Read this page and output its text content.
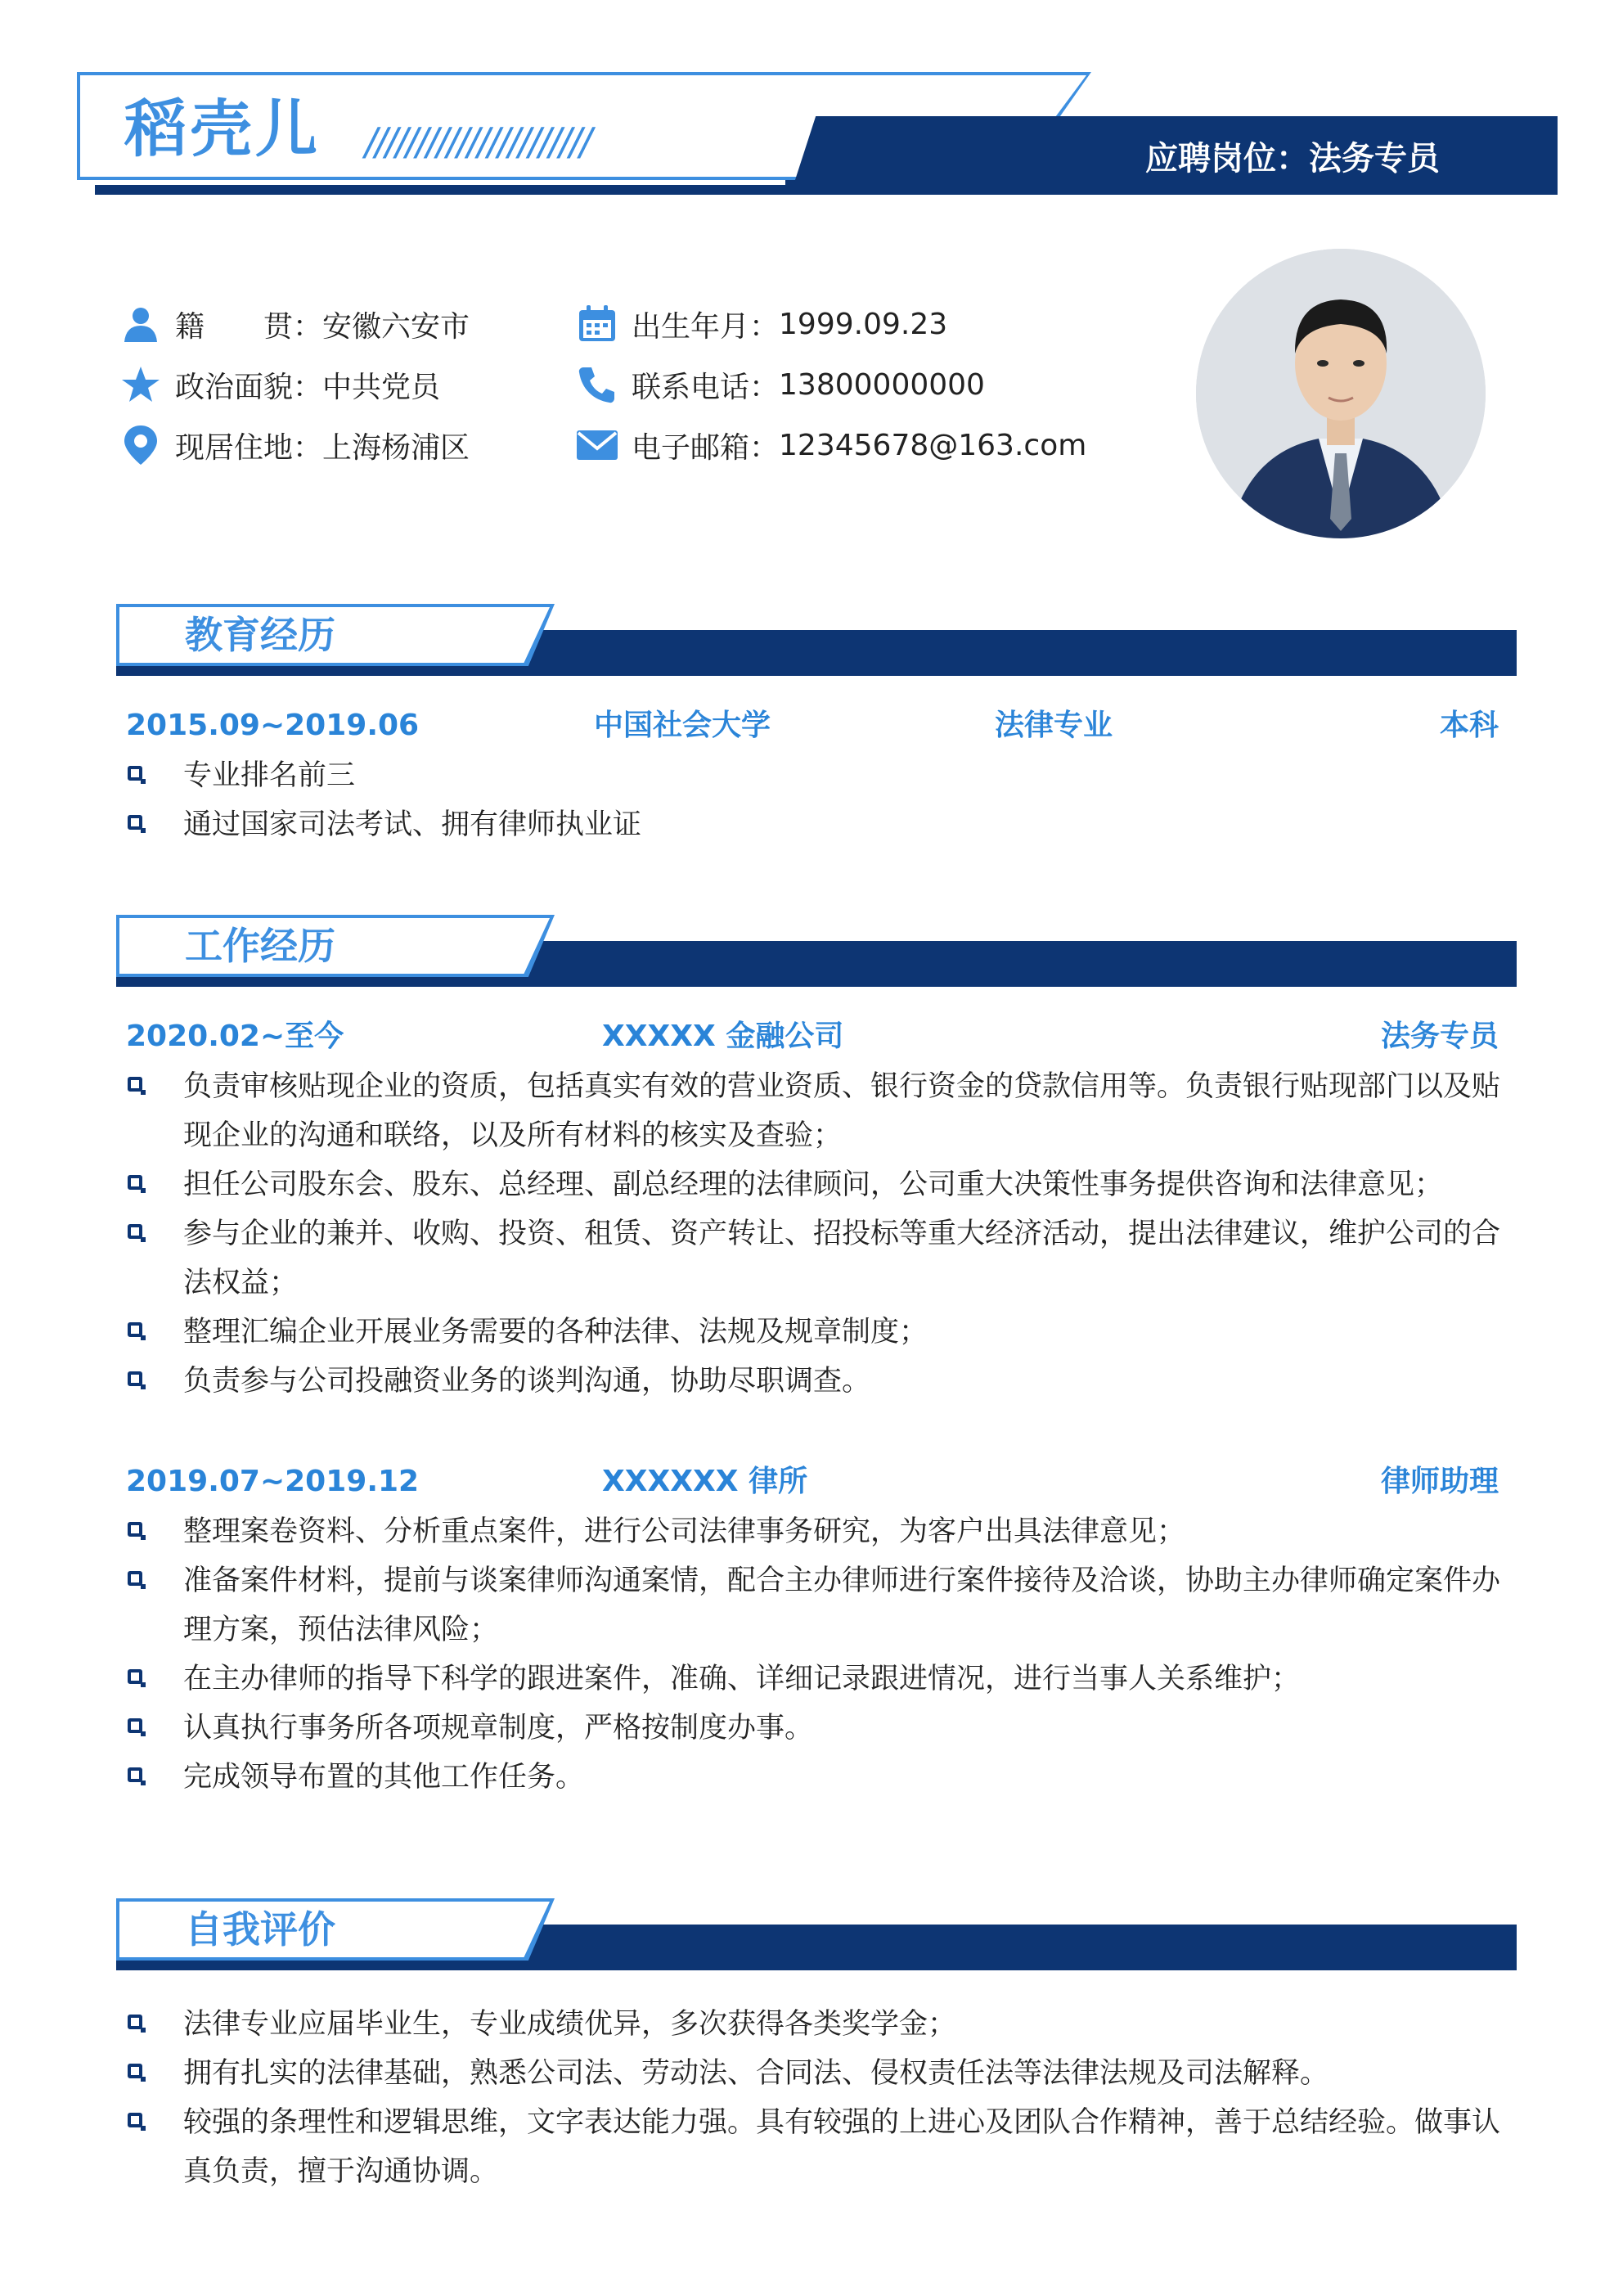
稻壳儿 //////////////////////	应聘岗位：法务专员
籍　　贯： 安徽六安市
政治面貌： 中共党员
现居住地： 上海杨浦区
出生年月： 1999.09.23
联系电话： 13800000000
电子邮箱： 12345678@163.com
教育经历
2015.09~2019.06	中国社会大学	法律专业	本科
专业排名前三
通过国家司法考试、拥有律师执业证
工作经历
2020.02~至今	XXXXX 金融公司	法务专员
负责审核贴现企业的资质，包括真实有效的营业资质、银行资金的贷款信用等。负责银行贴现部门以及贴
现企业的沟通和联络，以及所有材料的核实及查验；
担任公司股东会、股东、总经理、副总经理的法律顾问，公司重大决策性事务提供咨询和法律意见；
参与企业的兼并、收购、投资、租赁、资产转让、招投标等重大经济活动，提出法律建议，维护公司的合
法权益；
整理汇编企业开展业务需要的各种法律、法规及规章制度；
负责参与公司投融资业务的谈判沟通，协助尽职调查。
2019.07~2019.12	XXXXXX 律所	律师助理
整理案卷资料、分析重点案件，进行公司法律事务研究，为客户出具法律意见；
准备案件材料，提前与谈案律师沟通案情，配合主办律师进行案件接待及洽谈，协助主办律师确定案件办
理方案，预估法律风险；
在主办律师的指导下科学的跟进案件，准确、详细记录跟进情况，进行当事人关系维护；
认真执行事务所各项规章制度，严格按制度办事。
完成领导布置的其他工作任务。
自我评价
法律专业应届毕业生，专业成绩优异，多次获得各类奖学金；
拥有扎实的法律基础，熟悉公司法、劳动法、合同法、侵权责任法等法律法规及司法解释。
较强的条理性和逻辑思维，文字表达能力强。具有较强的上进心及团队合作精神，善于总结经验。做事认
真负责，擅于沟通协调。
